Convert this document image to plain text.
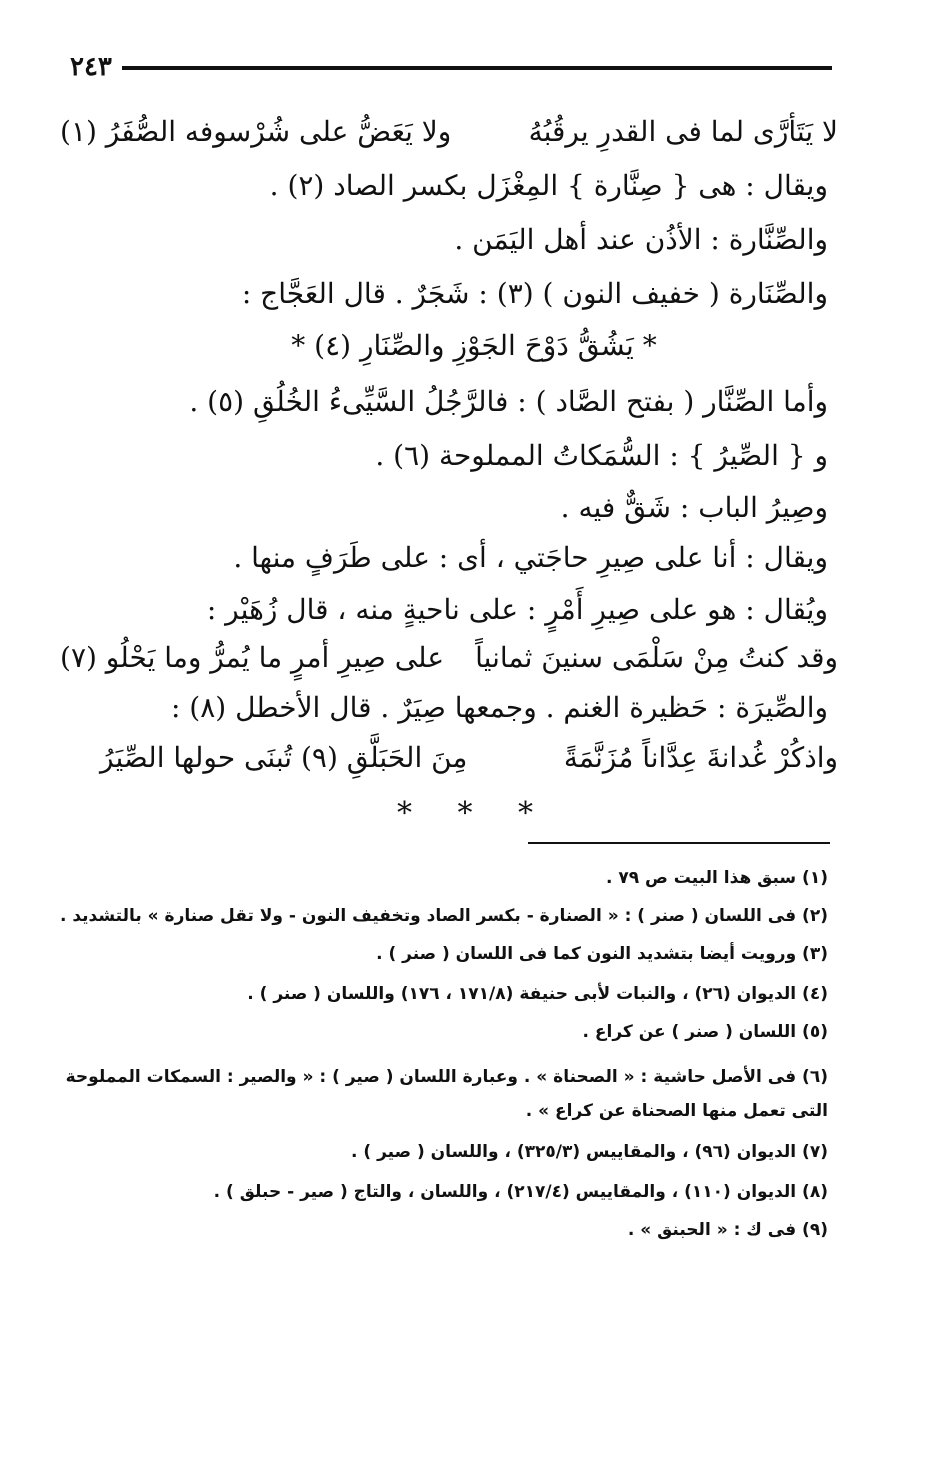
٢٤٣
لا يَتَأرَّى لما فى القدرِ يرقُبُهُ
ولا يَعَضُّ على شُرْسوفه الصُّفَرُ (١)
ويقال : هى { صِنَّارة } المِغْزَل بكسر الصاد (٢) .
والصِّنَّارة : الأذُن عند أهل اليَمَن .
والصِّنَارة ( خفيف النون ) (٣) : شَجَرٌ . قال العَجَّاج :
* يَشُقُّ دَوْحَ الجَوْزِ والصِّنَارِ (٤) *
وأما الصِّنَّار ( بفتح الصَّاد ) : فالرَّجُلُ السَّيِّىءُ الخُلُقِ (٥) .
و { الصِّيرُ } : السُّمَكاتُ المملوحة (٦) .
وصِيرُ الباب : شَقٌّ فيه .
ويقال : أنا على صِيرِ حاجَتي ، أى : على طَرَفٍ منها .
ويُقال : هو على صِيرِ أَمْرٍ : على ناحيةٍ منه ، قال زُهَيْر :
وقد كنتُ مِنْ سَلْمَى سنينَ ثمانياً
على صِيرِ أمرٍ ما يُمرُّ وما يَحْلُو (٧)
والصِّيرَة : حَظيرة الغنم . وجمعها صِيَرٌ . قال الأخطل (٨) :
واذكُرْ غُدانةَ عِدَّاناً مُزَنَّمَةً
مِنَ الحَبَلَّقِ (٩) تُبنَى حولها الصِّيَرُ
* * *
(١) سبق هذا البيت ص ٧٩ .
(٢) فى اللسان ( صنر ) : « الصنارة - بكسر الصاد وتخفيف النون - ولا تقل صنارة » بالتشديد .
(٣) ورويت أيضا بتشديد النون كما فى اللسان ( صنر ) .
(٤) الديوان (٢٦) ، والنبات لأبى حنيفة (١٧١/٨ ، ١٧٦) واللسان ( صنر ) .
(٥) اللسان ( صنر ) عن كراع .
(٦) فى الأصل حاشية : « الصحناة » . وعبارة اللسان ( صير ) : « والصير : السمكات المملوحة التى تعمل منها الصحناة عن كراع » .
(٧) الديوان (٩٦) ، والمقاييس (٣٢٥/٣) ، واللسان ( صير ) .
(٨) الديوان (١١٠) ، والمقاييس (٢١٧/٤) ، واللسان ، والتاج ( صير - حبلق ) .
(٩) فى ك : « الحبنق » .
